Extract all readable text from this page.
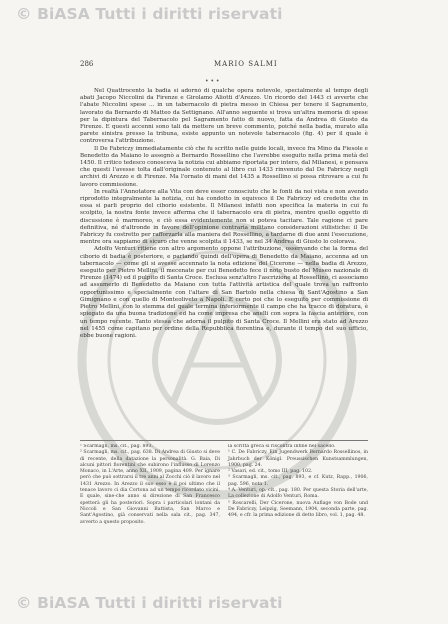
© BiASA Tutti i diritti riservati
286	MARIO SALMI
• • •

Nel Quattrocento la badia si adornò di qualche opera notevole, specialmente al tempo degli abati Jacopo Niccolini da Firenze e Girolamo Aliotti d'Arezzo. Un ricordo del 1443 ci avverte che l'abate Niccolini spese ... in un tabernacolo di pietra messo in Chiesa per tenere il Sagramento, lavorato da Bernardo di Matteo da Settignano. All'anno seguente si trova un'altra memoria di spese per la dipintura del Tabernacolo pel Sagramento fatto di nuovo, fatta da Andrea di Giusto da Firenze. E questi accenni sono tali da mettere un breve commento, poiché nella badia, murato alla parete sinistra presso la tribuna, esiste appunto un notevole tabernacolo (fig. 4) per il quale è controversa l'attribuzione.

Il De Fabriczy immediatamente ciò che fu scritto nelle guide locali, invece fra Mino da Fiesole e Benedetto da Maiano lo assegnò a Bernardo Rossellino che l'avrebbe eseguito nella prima metà del 1450. Il critico tedesco conosceva la notizia cui abbiamo riportata per intero, dal Milanesi, e pensava che questi l'avesse tolta dall'originale contenuto al libro cui 1433 rinvenuto dal De Fabriczy negli archivi di Arezzo e di Firenze. Ma l'ornato di mani del 1435 a Rossellino si possa ritrovare a cui fu lavoro commissione.

In realtà l'Annotatore alla Vita con deve esser conosciuto che le fonti da noi vista e non avendo riprodotto integralmente la notizia, cui ha condotto in equivoco il De Fabriczy ed credette che in essa si parli proprio del ciborio esistente. Il Milanesi infatti non specifica la materia in cui fu scolpito, la nostra fonte invece afferma che il tabernacolo era di pietra, mentre quello oggetto di discussione è marmoreo, e ciò essa evidentemente non si poteva tacitare. Tale ragione ci pare definitiva, né d'altronde in favore dell'opinione contraria militano considerazioni stilistiche: il De Fabriczy fu costretto per rafforzarla alla maniera del Rossellino, a tardarne di due anni l'esecuzione, mentre ora sappiamo di sicuro che venne scolpita il 1433, se nel 34 Andrea di Giusto lo colorava.

Adolfo Venturi ritiene con altro argomento oppone l'attribuzione, osservando che la forma del ciborio di badia è posteriore, e parlando quindi dell'opera di Benedetto da Maiano, accenna ad un tabernacolo — come gli si avesse accennato la nota edizione del Cicerone — nella badia di Arezzo, eseguito per Pietro Mellini, il mecenate per cui Benedetto fece il noto busto del Museo nazionale di Firenze (1474) ed il pulpito di Santa Croce. Esclusa senz'altro l'ascrizione al Rossellino, ci associamo ad assumerlo di Benedetto da Maiano con tutta l'attività artistica del quale trova un raffronto opportunissimo e specialmente con l'altare di San Bartolo nella chiesa di Sant'Agostino a San Gimignano e con quello di Monteoliveto a Napoli. E certo poi che lo eseguito per commissione di Pietro Mellini, con lo stemma del quale termina inferiormente il campo che ha tracce di doratura, è spiegato da una buona tradizione ed ha come impresa che anelli con sopra la fascia anteriore, con un tempo recente. Tanto stessa che adorna il pulpito di Santa Croce. Il Mellini era stato ad Arezzo nel 1455 come capitano per ordine della Repubblica fiorentina e, durante il tempo del suo ufficio, ebbe buone ragioni.

¹ Scarmagli, ms. cit., pag. 893.

² Scarmagli, ms. cit., pag. 638. Di Andrea di Giusto si deve di recente, della datazione la personalità. G. Baia, Di alcuni pittori fiorentini che subirono l'influsso di Lorenzo Monaco, in L'Arte, anno XII, 1909, pagina 409. Per ignare però che può sottrarsi il tre anni al Zocchi ciò il lavoro nel 1431 Arezzo. In Arezzo il suo esso è il poi ultimo che il tenace lavoro ci dia Cortona ad un tempo ricordato vicini. E quale, sine-che anno si direzione di San Francesco spetterà gli ha posteriori. Sopra i particolari lontani da Niccoli e San Giovanni Battista, San Marco e Sant'Agostino, già conservati nella sala cit., pag. 347, avverto a questo proposito.

la scritta greca si riscontra infine nel sacello.

¹ C. De Fabriczy, Ein Jugendwerk Bernardo Rossellinos, in Jahrbuch der Königl. Preussischen Kunstsammlungen, 1900, pag. 24.

² Vasari, ed. cit., tomo III, pag. 102.

³ Scarmagli, ms. cit., pag. 893, e cf. Kutz, Rapp., 1906, pag. 596, nota 1.

⁴ A. Venturi, op. cit., pag. 180. Per questa Storia dell'arte, La collezione di Adolfo Venturi, Roma.

⁵ Roscarelli, Der Cicerone, nuova Auflage von Bode und De Fabriczy, Leipzig, Seemann, 1904, seconda parte, pag. 494, e cfr. la prima edizione di detto libro, vol. 1, pag. 48.

© BiASA Tutti i diritti riservati
